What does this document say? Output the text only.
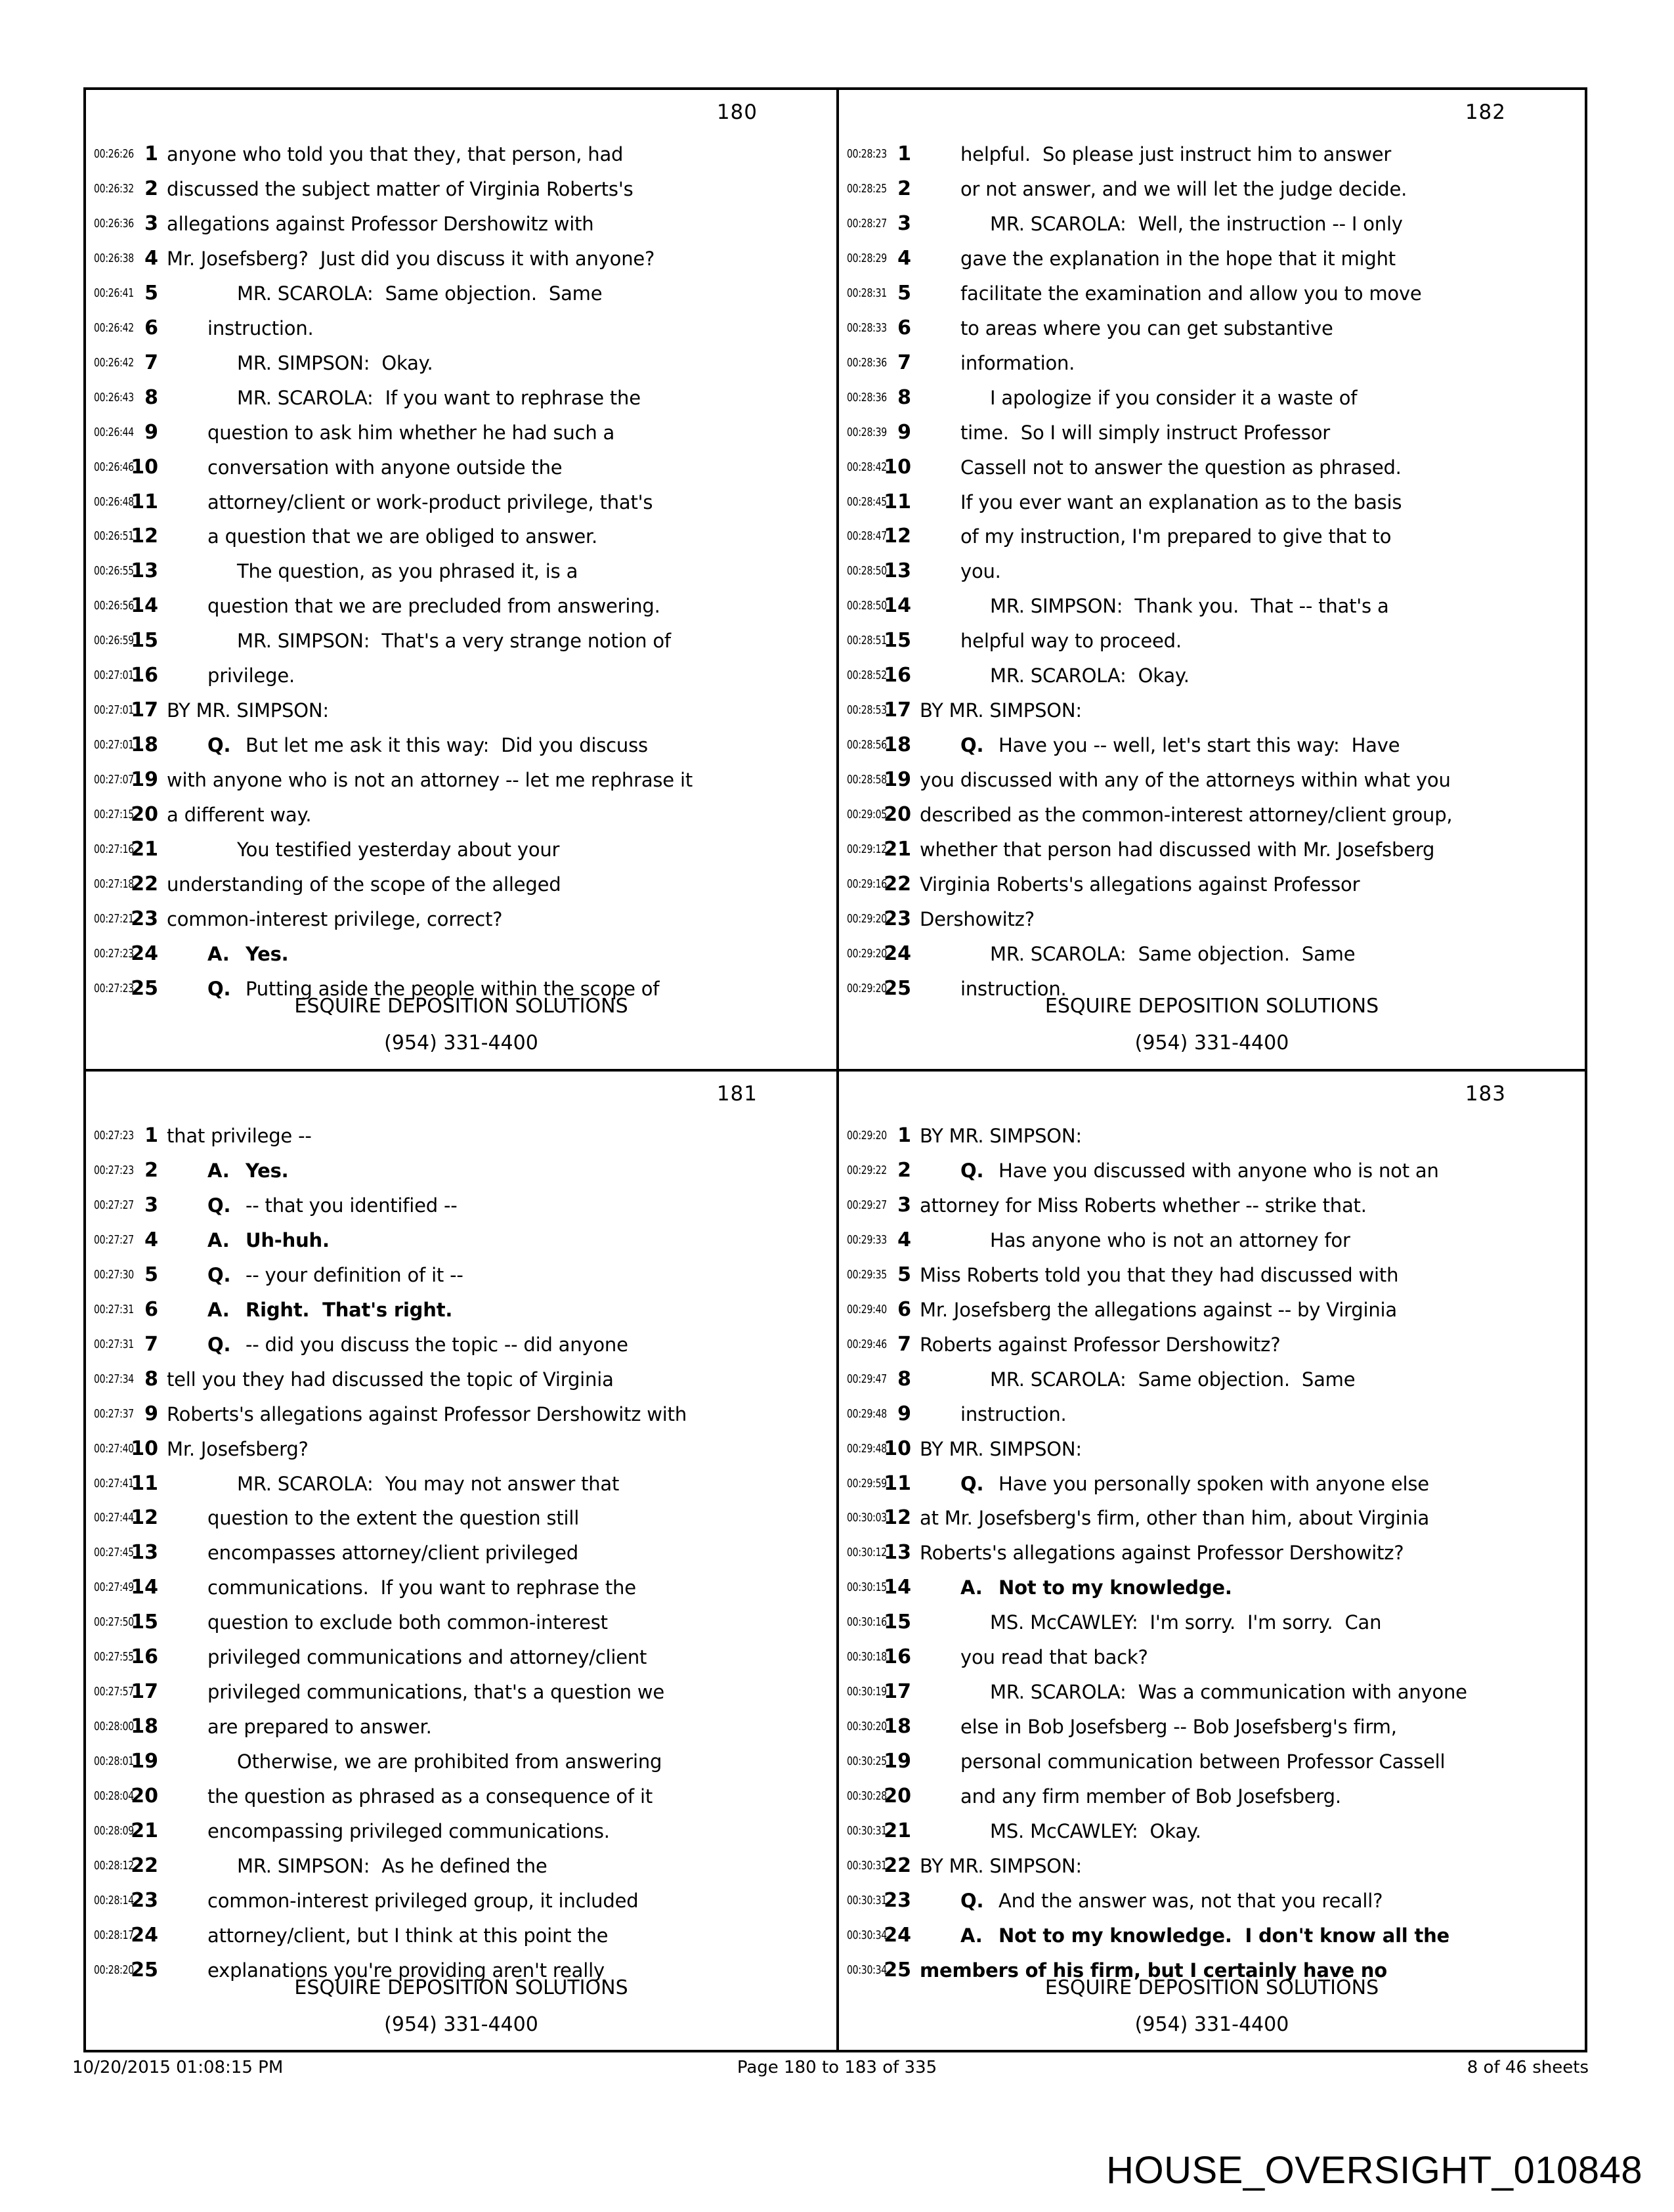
180
00:26:26 1 anyone who told you that they, that person, had
00:26:32 2 discussed the subject matter of Virginia Roberts's
00:26:36 3 allegations against Professor Dershowitz with
00:26:38 4 Mr. Josefsberg?  Just did you discuss it with anyone?
00:26:41 5	MR. SCAROLA:  Same objection.  Same
00:26:42 6	instruction.
00:26:42 7	MR. SIMPSON:  Okay.
00:26:43 8	MR. SCAROLA:  If you want to rephrase the
00:26:44 9	question to ask him whether he had such a
00:26:46
10	conversation with anyone outside the
00:26:48
11	attorney/client or work-product privilege, that's
00:26:51
12	a question that we are obliged to answer.
00:26:55
13	The question, as you phrased it, is a
00:26:56
14	question that we are precluded from answering.
00:26:59
15	MR. SIMPSON:  That's a very strange notion of
00:27:01
16	privilege.
00:27:01
17 BY MR. SIMPSON:
00:27:01
18	Q. But let me ask it this way:  Did you discuss
00:27:07
19 with anyone who is not an attorney -- let me rephrase it
00:27:15
20 a different way.
00:27:16
21	You testified yesterday about your
00:27:18
22 understanding of the scope of the alleged
00:27:21
23 common-interest privilege, correct?
00:27:23
24	A. Yes.
00:27:23
25	Q. Putting aside the people within the scope of
ESQUIRE DEPOSITION SOLUTIONS
(954) 331-4400
182
00:28:23 1	helpful.  So please just instruct him to answer
00:28:25 2	or not answer, and we will let the judge decide.
00:28:27 3	MR. SCAROLA:  Well, the instruction -- I only
00:28:29 4	gave the explanation in the hope that it might
00:28:31 5	facilitate the examination and allow you to move
00:28:33 6	to areas where you can get substantive
00:28:36 7	information.
00:28:36 8	I apologize if you consider it a waste of
00:28:39 9	time.  So I will simply instruct Professor
00:28:42
10	Cassell not to answer the question as phrased.
00:28:45
11	If you ever want an explanation as to the basis
00:28:47
12	of my instruction, I'm prepared to give that to
00:28:50
13	you.
00:28:50
14	MR. SIMPSON:  Thank you.  That -- that's a
00:28:51
15	helpful way to proceed.
00:28:52
16	MR. SCAROLA:  Okay.
00:28:53
17 BY MR. SIMPSON:
00:28:56
18	Q. Have you -- well, let's start this way:  Have
00:28:58
19 you discussed with any of the attorneys within what you
00:29:05
20 described as the common-interest attorney/client group,
00:29:12
21 whether that person had discussed with Mr. Josefsberg
00:29:16
22 Virginia Roberts's allegations against Professor
00:29:20
23 Dershowitz?
00:29:20
24	MR. SCAROLA:  Same objection.  Same
00:29:20
25	instruction.
ESQUIRE DEPOSITION SOLUTIONS
(954) 331-4400
181
00:27:23 1 that privilege --
00:27:23 2	A. Yes.
00:27:27 3	Q. -- that you identified --
00:27:27 4	A. Uh-huh.
00:27:30 5	Q. -- your definition of it --
00:27:31 6	A. Right.  That's right.
00:27:31 7	Q. -- did you discuss the topic -- did anyone
00:27:34 8 tell you they had discussed the topic of Virginia
00:27:37 9 Roberts's allegations against Professor Dershowitz with
00:27:40
10 Mr. Josefsberg?
00:27:41
11	MR. SCAROLA:  You may not answer that
00:27:44
12	question to the extent the question still
00:27:45
13	encompasses attorney/client privileged
00:27:49
14	communications.  If you want to rephrase the
00:27:50
15	question to exclude both common-interest
00:27:55
16	privileged communications and attorney/client
00:27:57
17	privileged communications, that's a question we
00:28:00
18	are prepared to answer.
00:28:01
19	Otherwise, we are prohibited from answering
00:28:04
20	the question as phrased as a consequence of it
00:28:09
21	encompassing privileged communications.
00:28:12
22	MR. SIMPSON:  As he defined the
00:28:14
23	common-interest privileged group, it included
00:28:17
24	attorney/client, but I think at this point the
00:28:20
25	explanations you're providing aren't really
ESQUIRE DEPOSITION SOLUTIONS
(954) 331-4400
183
00:29:20 1 BY MR. SIMPSON:
00:29:22 2	Q. Have you discussed with anyone who is not an
00:29:27 3 attorney for Miss Roberts whether -- strike that.
00:29:33 4	Has anyone who is not an attorney for
00:29:35 5 Miss Roberts told you that they had discussed with
00:29:40 6 Mr. Josefsberg the allegations against -- by Virginia
00:29:46 7 Roberts against Professor Dershowitz?
00:29:47 8	MR. SCAROLA:  Same objection.  Same
00:29:48 9	instruction.
00:29:48
10 BY MR. SIMPSON:
00:29:59
11	Q. Have you personally spoken with anyone else
00:30:03
12 at Mr. Josefsberg's firm, other than him, about Virginia
00:30:12
13 Roberts's allegations against Professor Dershowitz?
00:30:15
14	A. Not to my knowledge.
00:30:16
15	MS. McCAWLEY:  I'm sorry.  I'm sorry.  Can
00:30:18
16	you read that back?
00:30:19
17	MR. SCAROLA:  Was a communication with anyone
00:30:20
18	else in Bob Josefsberg -- Bob Josefsberg's firm,
00:30:25
19	personal communication between Professor Cassell
00:30:28
20	and any firm member of Bob Josefsberg.
00:30:31
21	MS. McCAWLEY:  Okay.
00:30:31
22 BY MR. SIMPSON:
00:30:31
23	Q. And the answer was, not that you recall?
00:30:34
24	A. Not to my knowledge.  I don't know all the
00:30:34
25 members of his firm, but I certainly have no
ESQUIRE DEPOSITION SOLUTIONS
(954) 331-4400
10/20/2015 01:08:15 PM	Page 180 to 183 of 335	8 of 46 sheets
HOUSE_OVERSIGHT_010848
